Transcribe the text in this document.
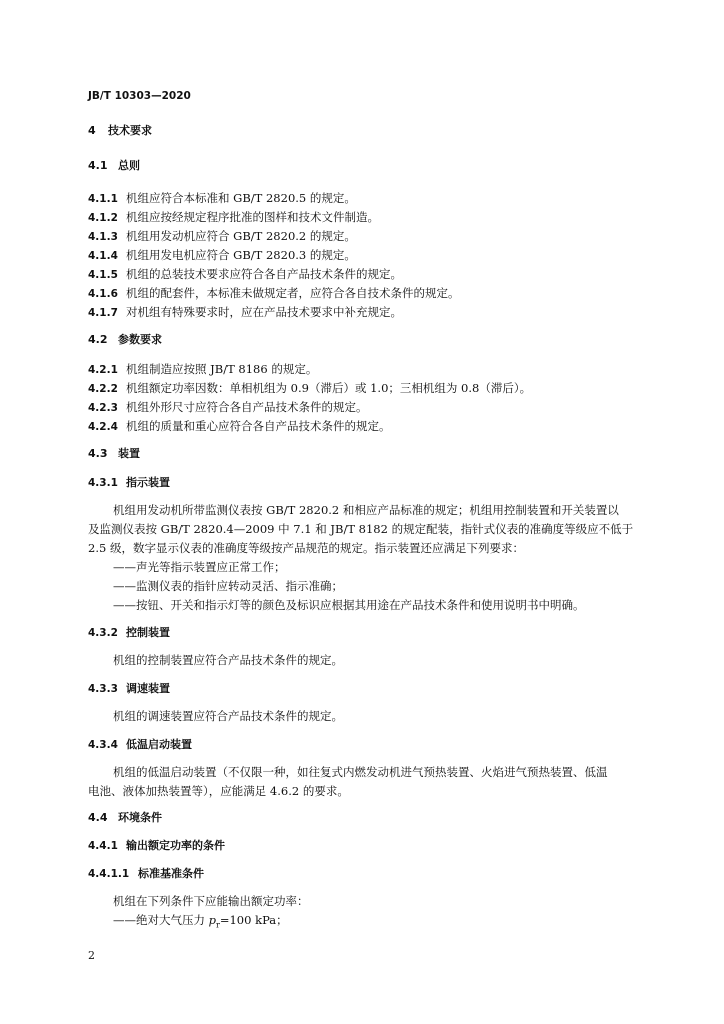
JB/T 10303—2020
4 技术要求
4.1 总则
4.1.1 机组应符合本标准和 GB/T 2820.5 的规定。
4.1.2 机组应按经规定程序批准的图样和技术文件制造。
4.1.3 机组用发动机应符合 GB/T 2820.2 的规定。
4.1.4 机组用发电机应符合 GB/T 2820.3 的规定。
4.1.5 机组的总装技术要求应符合各自产品技术条件的规定。
4.1.6 机组的配套件，本标准未做规定者，应符合各自技术条件的规定。
4.1.7 对机组有特殊要求时，应在产品技术要求中补充规定。
4.2 参数要求
4.2.1 机组制造应按照 JB/T 8186 的规定。
4.2.2 机组额定功率因数：单相机组为 0.9（滞后）或 1.0；三相机组为 0.8（滞后）。
4.2.3 机组外形尺寸应符合各自产品技术条件的规定。
4.2.4 机组的质量和重心应符合各自产品技术条件的规定。
4.3 装置
4.3.1 指示装置
机组用发动机所带监测仪表按 GB/T 2820.2 和相应产品标准的规定；机组用控制装置和开关装置以
及监测仪表按 GB/T 2820.4—2009 中 7.1 和 JB/T 8182 的规定配装，指针式仪表的准确度等级应不低于
2.5 级，数字显示仪表的准确度等级按产品规范的规定。指示装置还应满足下列要求：
——声光等指示装置应正常工作；
——监测仪表的指针应转动灵活、指示准确；
——按钮、开关和指示灯等的颜色及标识应根据其用途在产品技术条件和使用说明书中明确。
4.3.2 控制装置
机组的控制装置应符合产品技术条件的规定。
4.3.3 调速装置
机组的调速装置应符合产品技术条件的规定。
4.3.4 低温启动装置
机组的低温启动装置（不仅限一种，如往复式内燃发动机进气预热装置、火焰进气预热装置、低温
电池、液体加热装置等），应能满足 4.6.2 的要求。
4.4 环境条件
4.4.1 输出额定功率的条件
4.4.1.1 标准基准条件
机组在下列条件下应能输出额定功率：
——绝对大气压力 $p_r=100$ kPa；
2
